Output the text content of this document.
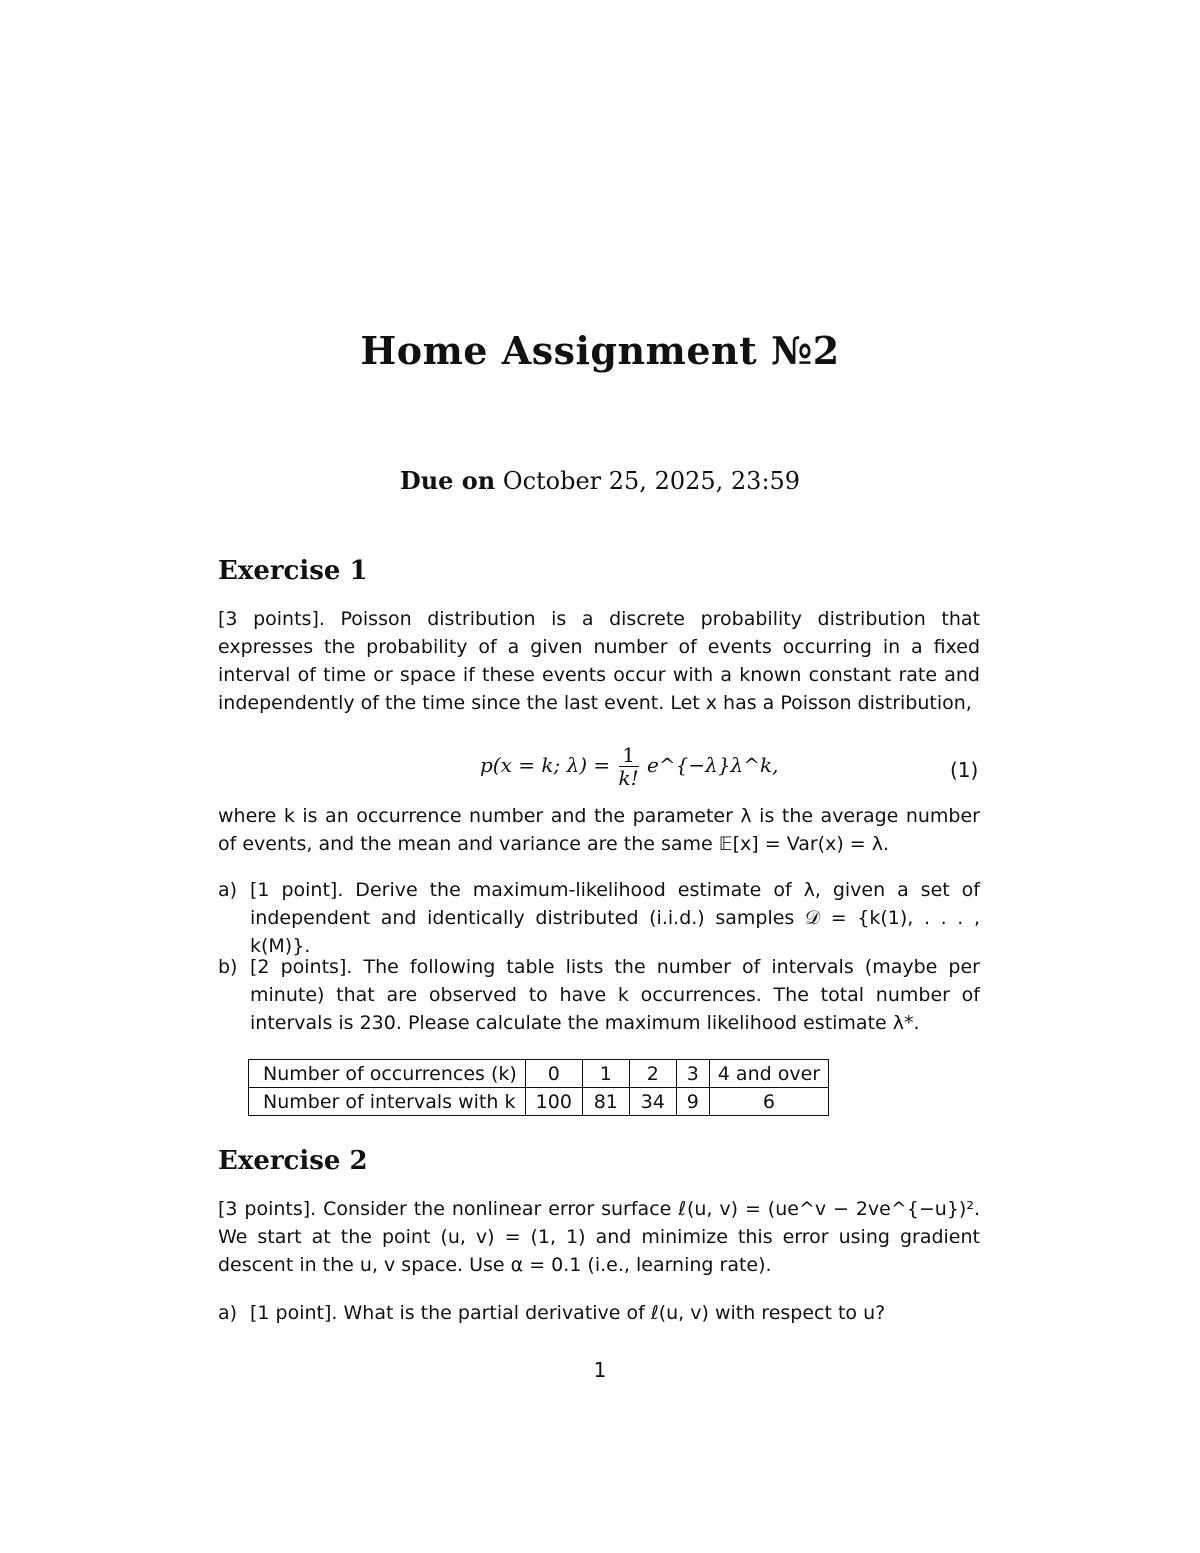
Home Assignment №2
Due on October 25, 2025, 23:59
Exercise 1
[3 points]. Poisson distribution is a discrete probability distribution that expresses the probability of a given number of events occurring in a fixed interval of time or space if these events occur with a known constant rate and independently of the time since the last event. Let x has a Poisson distribution,
p(x = k; $\lambda) = \frac{1}{k!}$ e^{−λ}λ^k,	(1)
where k is an occurrence number and the parameter λ is the average number of events, and the mean and variance are the same 𝔼[x] = Var(x) = λ.
a) [1 point]. Derive the maximum-likelihood estimate of λ, given a set of independent and identically distributed (i.i.d.) samples 𝒟 = {k(1), . . . , k(M)}.
b) [2 points]. The following table lists the number of intervals (maybe per minute) that are observed to have k occurrences. The total number of intervals is 230. Please calculate the maximum likelihood estimate λ*.
Number of occurrences (k)	0	1	2	3	4 and over
Number of intervals with k	100	81	34	9	6
Exercise 2
[3 points]. Consider the nonlinear error surface ℓ(u, v) = (ue^v − 2ve^{−u})². We start at the point (u, v) = (1, 1) and minimize this error using gradient descent in the u, v space. Use α = 0.1 (i.e., learning rate).
a) [1 point]. What is the partial derivative of ℓ(u, v) with respect to u?
1
